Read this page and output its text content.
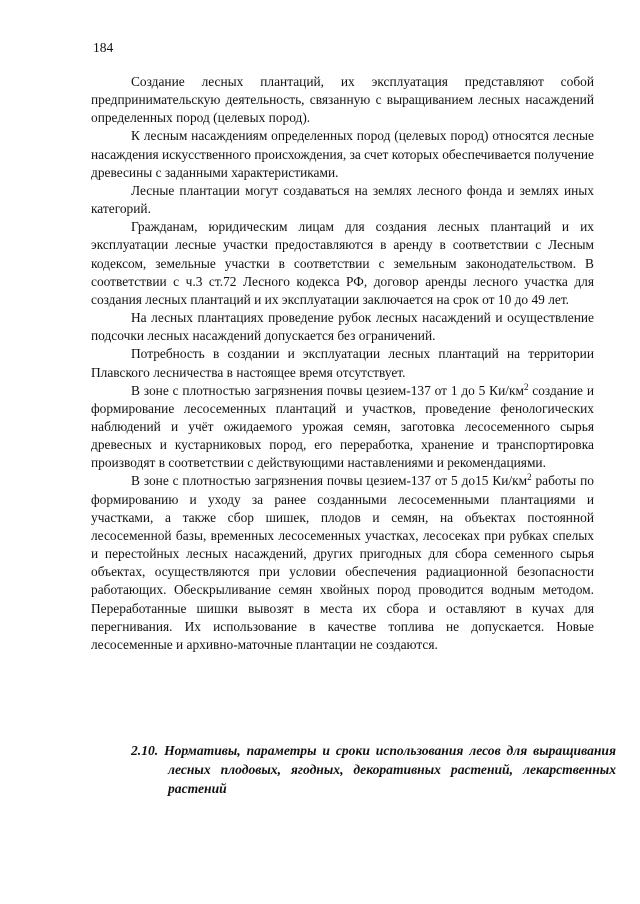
184

Создание лесных плантаций, их эксплуатация представляют собой предпринимательскую деятельность, связанную с выращиванием лесных насаждений определенных пород (целевых пород).

К лесным насаждениям определенных пород (целевых пород) относятся лесные насаждения искусственного происхождения, за счет которых обеспечивается получение древесины с заданными характеристиками.

Лесные плантации могут создаваться на землях лесного фонда и землях иных категорий.

Гражданам, юридическим лицам для создания лесных плантаций и их эксплуатации лесные участки предоставляются в аренду в соответствии с Лесным кодексом, земельные участки в соответствии с земельным законодательством. В соответствии с ч.3 ст.72 Лесного кодекса РФ, договор аренды лесного участка для создания лесных плантаций и их эксплуатации заключается на срок от 10 до 49 лет.

На лесных плантациях проведение рубок лесных насаждений и осуществление подсочки лесных насаждений допускается без ограничений.

Потребность в создании и эксплуатации лесных плантаций на территории Плавского лесничества в настоящее время отсутствует.

В зоне с плотностью загрязнения почвы цезием-137 от 1 до 5 $Ки/км^2$ создание и формирование лесосеменных плантаций и участков, проведение фенологических наблюдений и учёт ожидаемого урожая семян, заготовка лесосеменного сырья древесных и кустарниковых пород, его переработка, хранение и транспортировка производят в соответствии с действующими наставлениями и рекомендациями.

В зоне с плотностью загрязнения почвы цезием-137 от 5 до15 $Ки/км^2$ работы по формированию и уходу за ранее созданными лесосеменными плантациями и участками, а также сбор шишек, плодов и семян, на объектах постоянной лесосеменной базы, временных лесосеменных участках, лесосеках при рубках спелых и перестойных лесных насаждений, других пригодных для сбора семенного сырья объектах, осуществляются при условии обеспечения радиационной безопасности работающих. Обескрыливание семян хвойных пород проводится водным методом. Переработанные шишки вывозят в места их сбора и оставляют в кучах для перегнивания. Их использование в качестве топлива не допускается. Новые лесосеменные и архивно-маточные плантации не создаются.

2.10. Нормативы, параметры и сроки использования лесов для выращивания лесных плодовых, ягодных, декоративных растений, лекарственных растений
